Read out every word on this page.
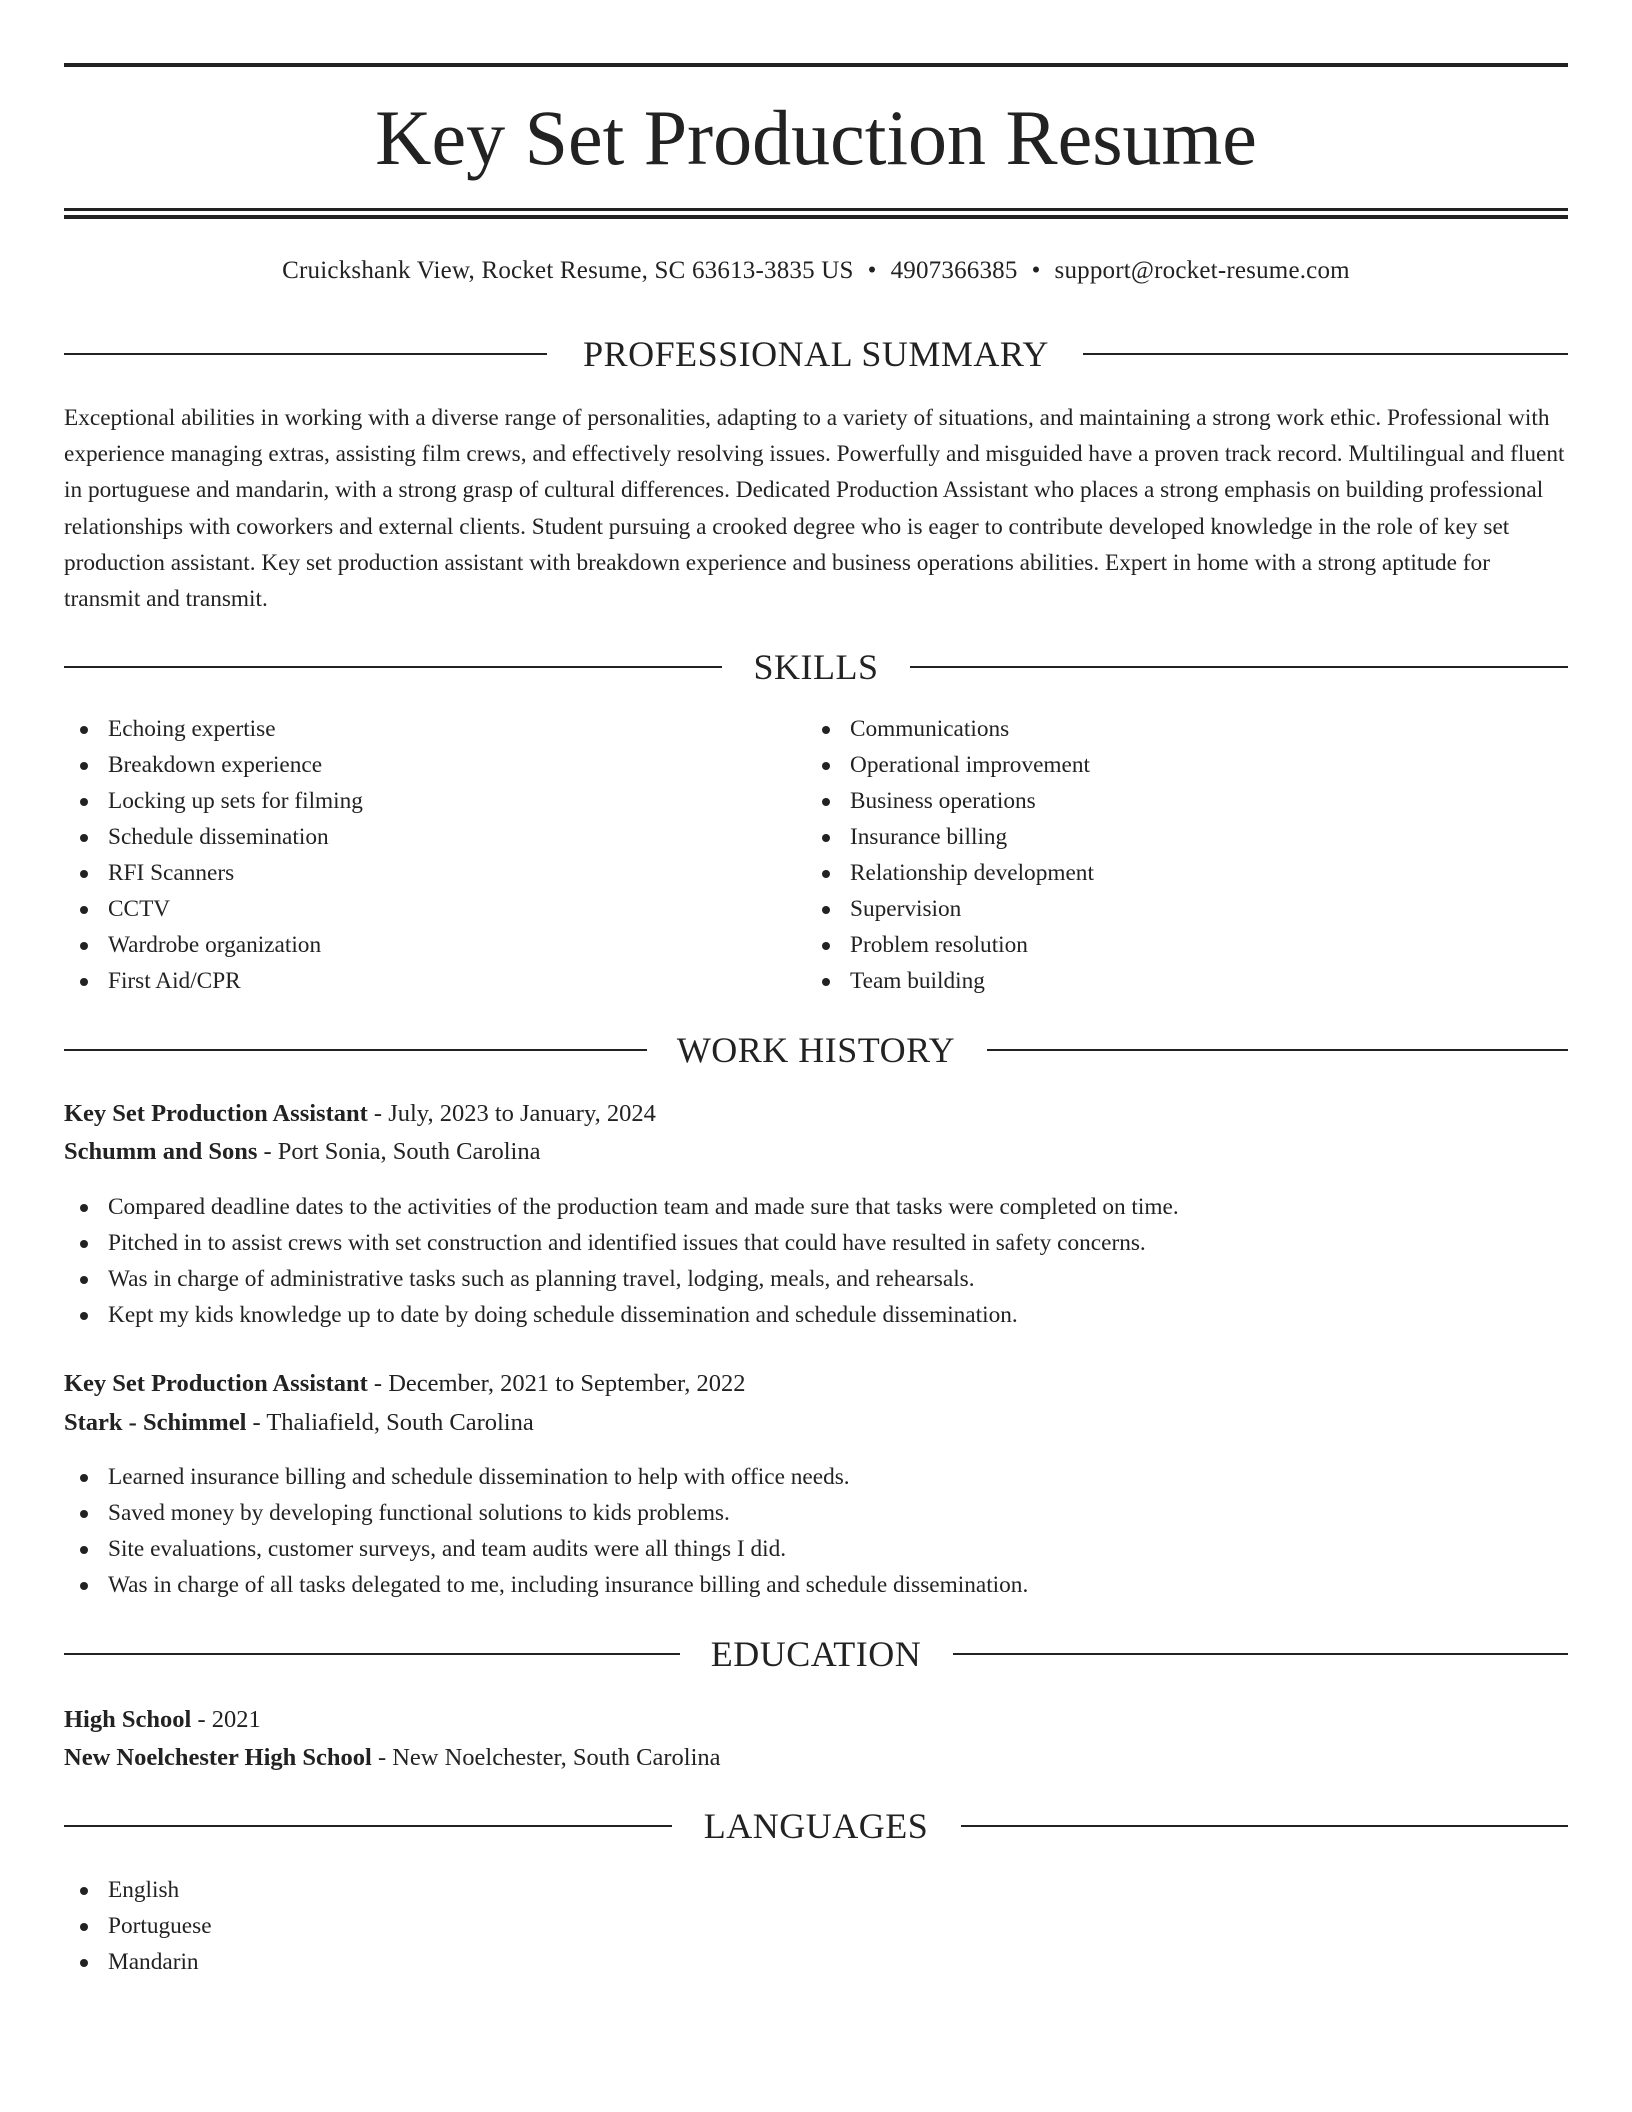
Key Set Production Resume
Cruickshank View, Rocket Resume, SC 63613-3835 US • 4907366385 • support@rocket-resume.com
PROFESSIONAL SUMMARY

Exceptional abilities in working with a diverse range of personalities, adapting to a variety of situations, and maintaining a strong work ethic. Professional with experience managing extras, assisting film crews, and effectively resolving issues. Powerfully and misguided have a proven track record. Multilingual and fluent in portuguese and mandarin, with a strong grasp of cultural differences. Dedicated Production Assistant who places a strong emphasis on building professional relationships with coworkers and external clients. Student pursuing a crooked degree who is eager to contribute developed knowledge in the role of key set production assistant. Key set production assistant with breakdown experience and business operations abilities. Expert in home with a strong aptitude for transmit and transmit.

SKILLS
Echoing expertise
Breakdown experience
Locking up sets for filming
Schedule dissemination
RFI Scanners
CCTV
Wardrobe organization
First Aid/CPR
Communications
Operational improvement
Business operations
Insurance billing
Relationship development
Supervision
Problem resolution
Team building
WORK HISTORY
Key Set Production Assistant - July, 2023 to January, 2024
Schumm and Sons - Port Sonia, South Carolina
Compared deadline dates to the activities of the production team and made sure that tasks were completed on time.
Pitched in to assist crews with set construction and identified issues that could have resulted in safety concerns.
Was in charge of administrative tasks such as planning travel, lodging, meals, and rehearsals.
Kept my kids knowledge up to date by doing schedule dissemination and schedule dissemination.
Key Set Production Assistant - December, 2021 to September, 2022
Stark - Schimmel - Thaliafield, South Carolina
Learned insurance billing and schedule dissemination to help with office needs.
Saved money by developing functional solutions to kids problems.
Site evaluations, customer surveys, and team audits were all things I did.
Was in charge of all tasks delegated to me, including insurance billing and schedule dissemination.
EDUCATION
High School - 2021
New Noelchester High School - New Noelchester, South Carolina
LANGUAGES
English
Portuguese
Mandarin
